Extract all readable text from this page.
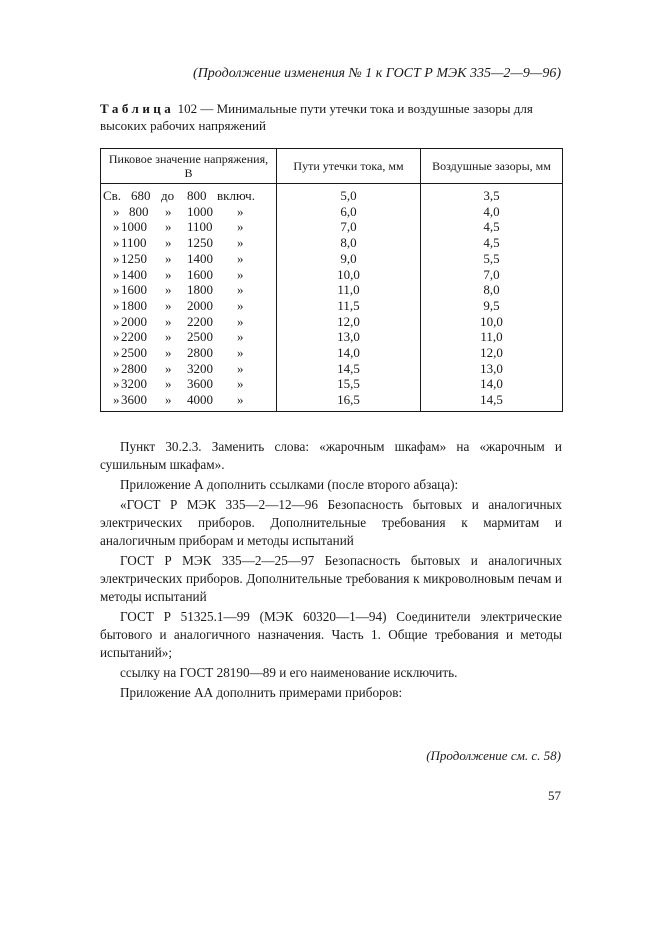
(Продолжение изменения № 1 к ГОСТ Р МЭК 335—2—9—96)
Таблица 102 — Минимальные пути утечки тока и воздушные зазоры для высоких рабочих напряжений
Пиковое значение напряжения, В	Пути утечки тока, мм	Воздушные зазоры, мм

Св. 680 до 800 включ.	5,0	3,5

» 800 » 1000 »	6,0	4,0

» 1000 » 1100 »	7,0	4,5

» 1100 » 1250 »	8,0	4,5

» 1250 » 1400 »	9,0	5,5

» 1400 » 1600 »	10,0	7,0

» 1600 » 1800 »	11,0	8,0

» 1800 » 2000 »	11,5	9,5

» 2000 » 2200 »	12,0	10,0

» 2200 » 2500 »	13,0	11,0

» 2500 » 2800 »	14,0	12,0

» 2800 » 3200 »	14,5	13,0

» 3200 » 3600 »	15,5	14,0

» 3600 » 4000 »	16,5	14,5

Пункт 30.2.3. Заменить слова: «жарочным шкафам» на «жарочным и сушильным шкафам».

Приложение А дополнить ссылками (после второго абзаца):

«ГОСТ Р МЭК 335—2—12—96 Безопасность бытовых и аналогичных электрических приборов. Дополнительные требования к мармитам и аналогичным приборам и методы испытаний

ГОСТ Р МЭК 335—2—25—97 Безопасность бытовых и аналогичных электрических приборов. Дополнительные требования к микроволновым печам и методы испытаний

ГОСТ Р 51325.1—99 (МЭК 60320—1—94) Соединители электрические бытового и аналогичного назначения. Часть 1. Общие требования и методы испытаний»;

ссылку на ГОСТ 28190—89 и его наименование исключить.

Приложение АА дополнить примерами приборов:

(Продолжение см. с. 58)
57
